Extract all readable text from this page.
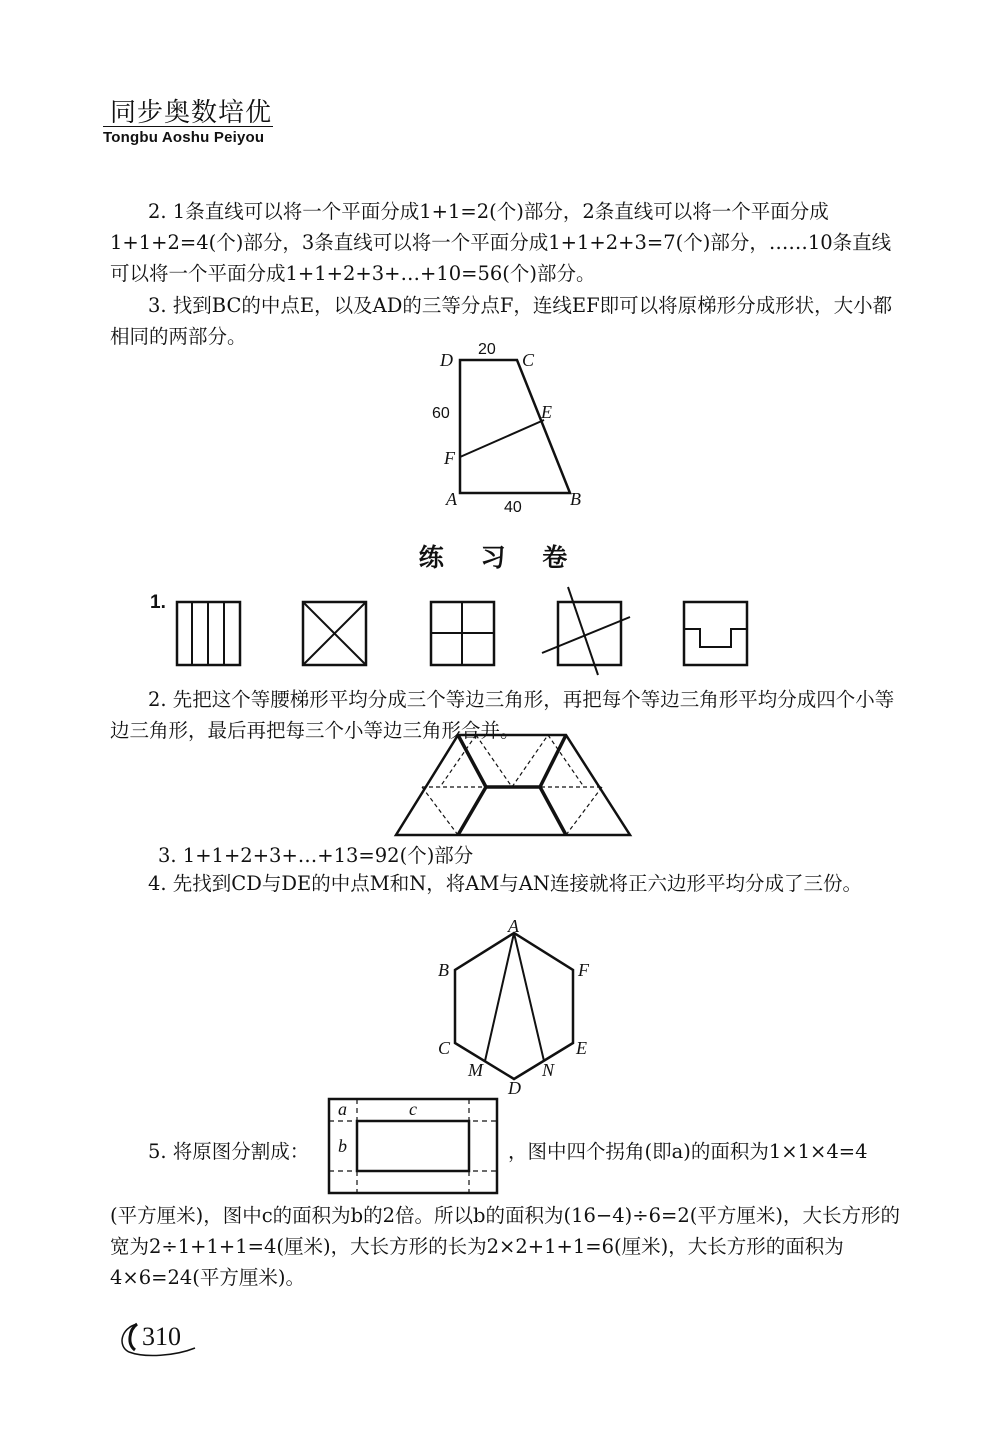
同步奥数培优
Tongbu Aoshu Peiyou
2. 1条直线可以将一个平面分成1+1=2(个)部分，2条直线可以将一个平面分成1+1+2=4(个)部分，3条直线可以将一个平面分成1+1+2+3=7(个)部分，……10条直线可以将一个平面分成1+1+2+3+…+10=56(个)部分。
3. 找到BC的中点E，以及AD的三等分点F，连线EF即可以将原梯形分成形状，大小都相同的两部分。
D	C
E
F
A	B
20
60
40
练 习 卷
1.
2. 先把这个等腰梯形平均分成三个等边三角形，再把每个等边三角形平均分成四个小等边三角形，最后再把每三个小等边三角形合并。
3. 1+1+2+3+…+13=92(个)部分
4. 先找到CD与DE的中点M和N，将AM与AN连接就将正六边形平均分成了三份。
A
B	F
C	E
M	N
D
5. 将原图分割成：
a	c
b	，图中四个拐角(即a)的面积为1×1×4=4
(平方厘米)，图中c的面积为b的2倍。所以b的面积为(16−4)÷6=2(平方厘米)，大长方形的宽为2÷1+1+1=4(厘米)，大长方形的长为2×2+1+1=6(厘米)，大长方形的面积为4×6=24(平方厘米)。
310
